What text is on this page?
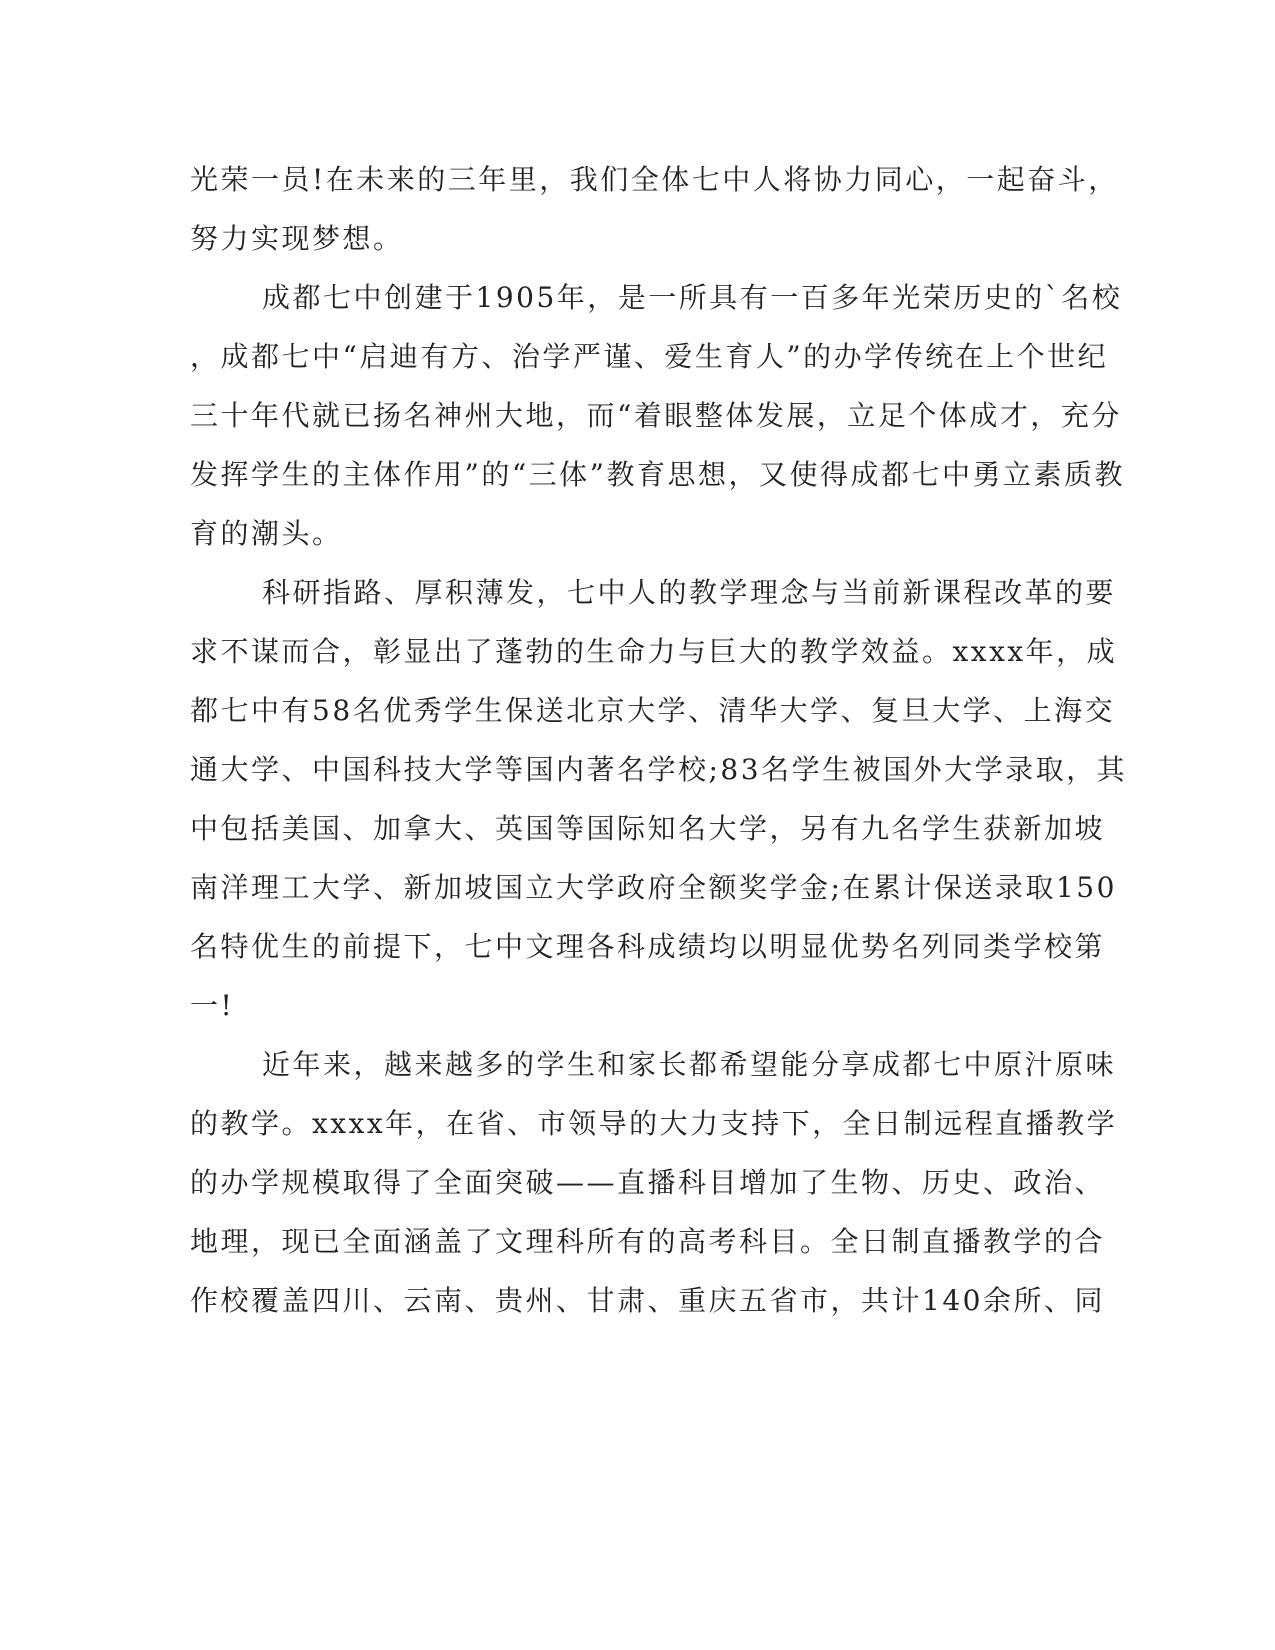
光荣一员!在未来的三年里，我们全体七中人将协力同心，一起奋斗，
努力实现梦想。
成都七中创建于1905年，是一所具有一百多年光荣历史的`名校
，成都七中“启迪有方、治学严谨、爱生育人”的办学传统在上个世纪
三十年代就已扬名神州大地，而“着眼整体发展，立足个体成才，充分
发挥学生的主体作用”的“三体”教育思想，又使得成都七中勇立素质教
育的潮头。
科研指路、厚积薄发，七中人的教学理念与当前新课程改革的要
求不谋而合，彰显出了蓬勃的生命力与巨大的教学效益。xxxx年，成
都七中有58名优秀学生保送北京大学、清华大学、复旦大学、上海交
通大学、中国科技大学等国内著名学校;83名学生被国外大学录取，其
中包括美国、加拿大、英国等国际知名大学，另有九名学生获新加坡
南洋理工大学、新加坡国立大学政府全额奖学金;在累计保送录取150
名特优生的前提下，七中文理各科成绩均以明显优势名列同类学校第
一!
近年来，越来越多的学生和家长都希望能分享成都七中原汁原味
的教学。xxxx年，在省、市领导的大力支持下，全日制远程直播教学
的办学规模取得了全面突破——直播科目增加了生物、历史、政治、
地理，现已全面涵盖了文理科所有的高考科目。全日制直播教学的合
作校覆盖四川、云南、贵州、甘肃、重庆五省市，共计140余所、同
